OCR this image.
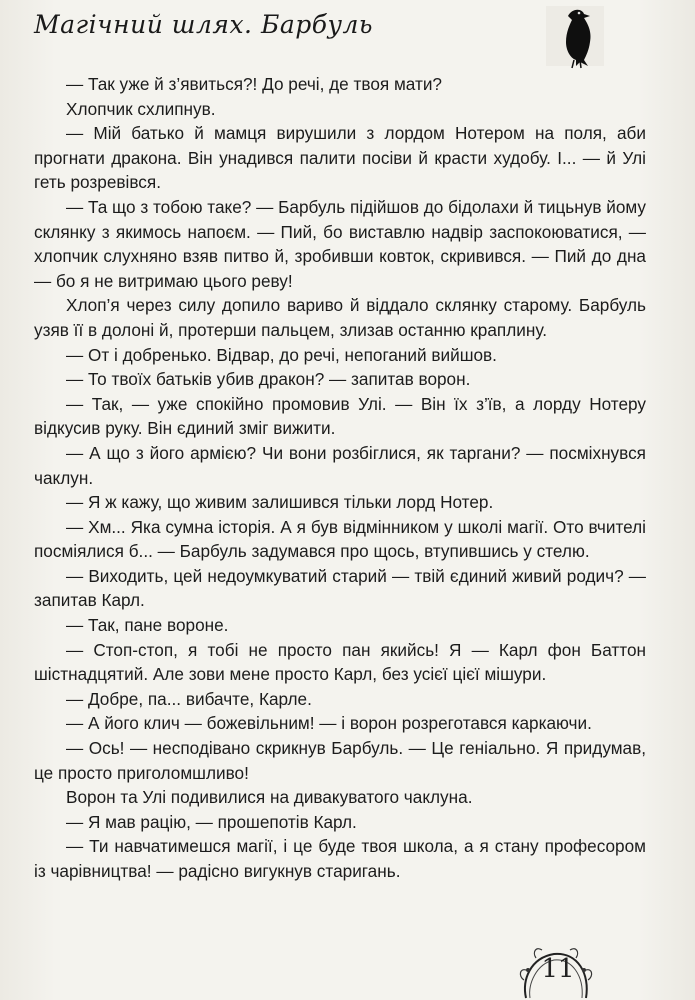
Магічний шлях. Барбуль

— Так уже й з’явиться?! До речі, де твоя мати?

Хлопчик схлипнув.

— Мій батько й мамця вирушили з лордом Нотером на поля, аби прогнати дракона. Він унадився палити посіви й красти худобу. І... — й Улі геть розревівся.

— Та що з тобою таке? — Барбуль підійшов до бідолахи й тицьнув йому склянку з якимось напоєм. — Пий, бо виставлю надвір заспокоюватися, — хлопчик слухняно взяв питво й, зробивши ковток, скривився. — Пий до дна — бо я не витримаю цього реву!

Хлоп’я через силу допило вариво й віддало склянку старому. Барбуль узяв її в долоні й, протерши пальцем, злизав останню краплину.

— От і добренько. Відвар, до речі, непоганий вийшов.

— То твоїх батьків убив дракон? — запитав ворон.

— Так, — уже спокійно промовив Улі. — Він їх з’їв, а лорду Нотеру відкусив руку. Він єдиний зміг вижити.

— А що з його армією? Чи вони розбіглися, як таргани? — посміхнувся чаклун.

— Я ж кажу, що живим залишився тільки лорд Нотер.

— Хм... Яка сумна історія. А я був відмінником у школі магії. Ото вчителі посміялися б... — Барбуль задумався про щось, втупившись у стелю.

— Виходить, цей недоумкуватий старий — твій єдиний живий родич? — запитав Карл.

— Так, пане вороне.

— Стоп-стоп, я тобі не просто пан якийсь! Я — Карл фон Баттон шістнадцятий. Але зови мене просто Карл, без усієї цієї мішури.

— Добре, па... вибачте, Карле.

— А його клич — божевільним! — і ворон розреготався каркаючи.

— Ось! — несподівано скрикнув Барбуль. — Це геніально. Я придумав, це просто приголомшливо!

Ворон та Улі подивилися на дивакуватого чаклуна.

— Я мав рацію, — прошепотів Карл.

— Ти навчатимешся магії, і це буде твоя школа, а я стану професором із чарівництва! — радісно вигукнув старигань.

11
